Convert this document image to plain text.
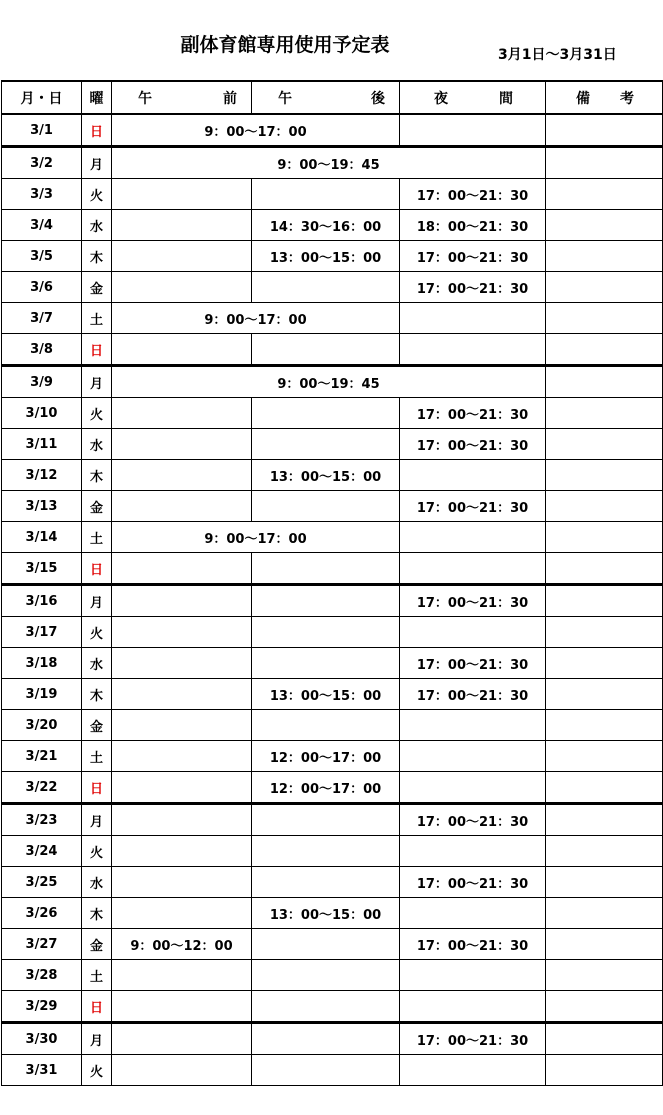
副体育館専用使用予定表	3月1日～3月31日
月・日	曜	午 前	午 後	夜 間	備 考

3/1	日	9：00～17：00			
3/2	月	9：00～19：45			
3/3	火			17：00～21：30	
3/4	水		14：30～16：00	18：00～21：30	
3/5	木		13：00～15：00	17：00～21：30	
3/6	金			17：00～21：30	
3/7	土	9：00～17：00			
3/8	日				
3/9	月	9：00～19：45			
3/10	火			17：00～21：30	
3/11	水			17：00～21：30	
3/12	木		13：00～15：00		
3/13	金			17：00～21：30	
3/14	土	9：00～17：00			
3/15	日				
3/16	月			17：00～21：30	
3/17	火				
3/18	水			17：00～21：30	
3/19	木		13：00～15：00	17：00～21：30	
3/20	金				
3/21	土		12：00～17：00		
3/22	日		12：00～17：00		
3/23	月			17：00～21：30	
3/24	火				
3/25	水			17：00～21：30	
3/26	木		13：00～15：00		
3/27	金	9：00～12：00		17：00～21：30	
3/28	土				
3/29	日				
3/30	月			17：00～21：30	
3/31	火				
